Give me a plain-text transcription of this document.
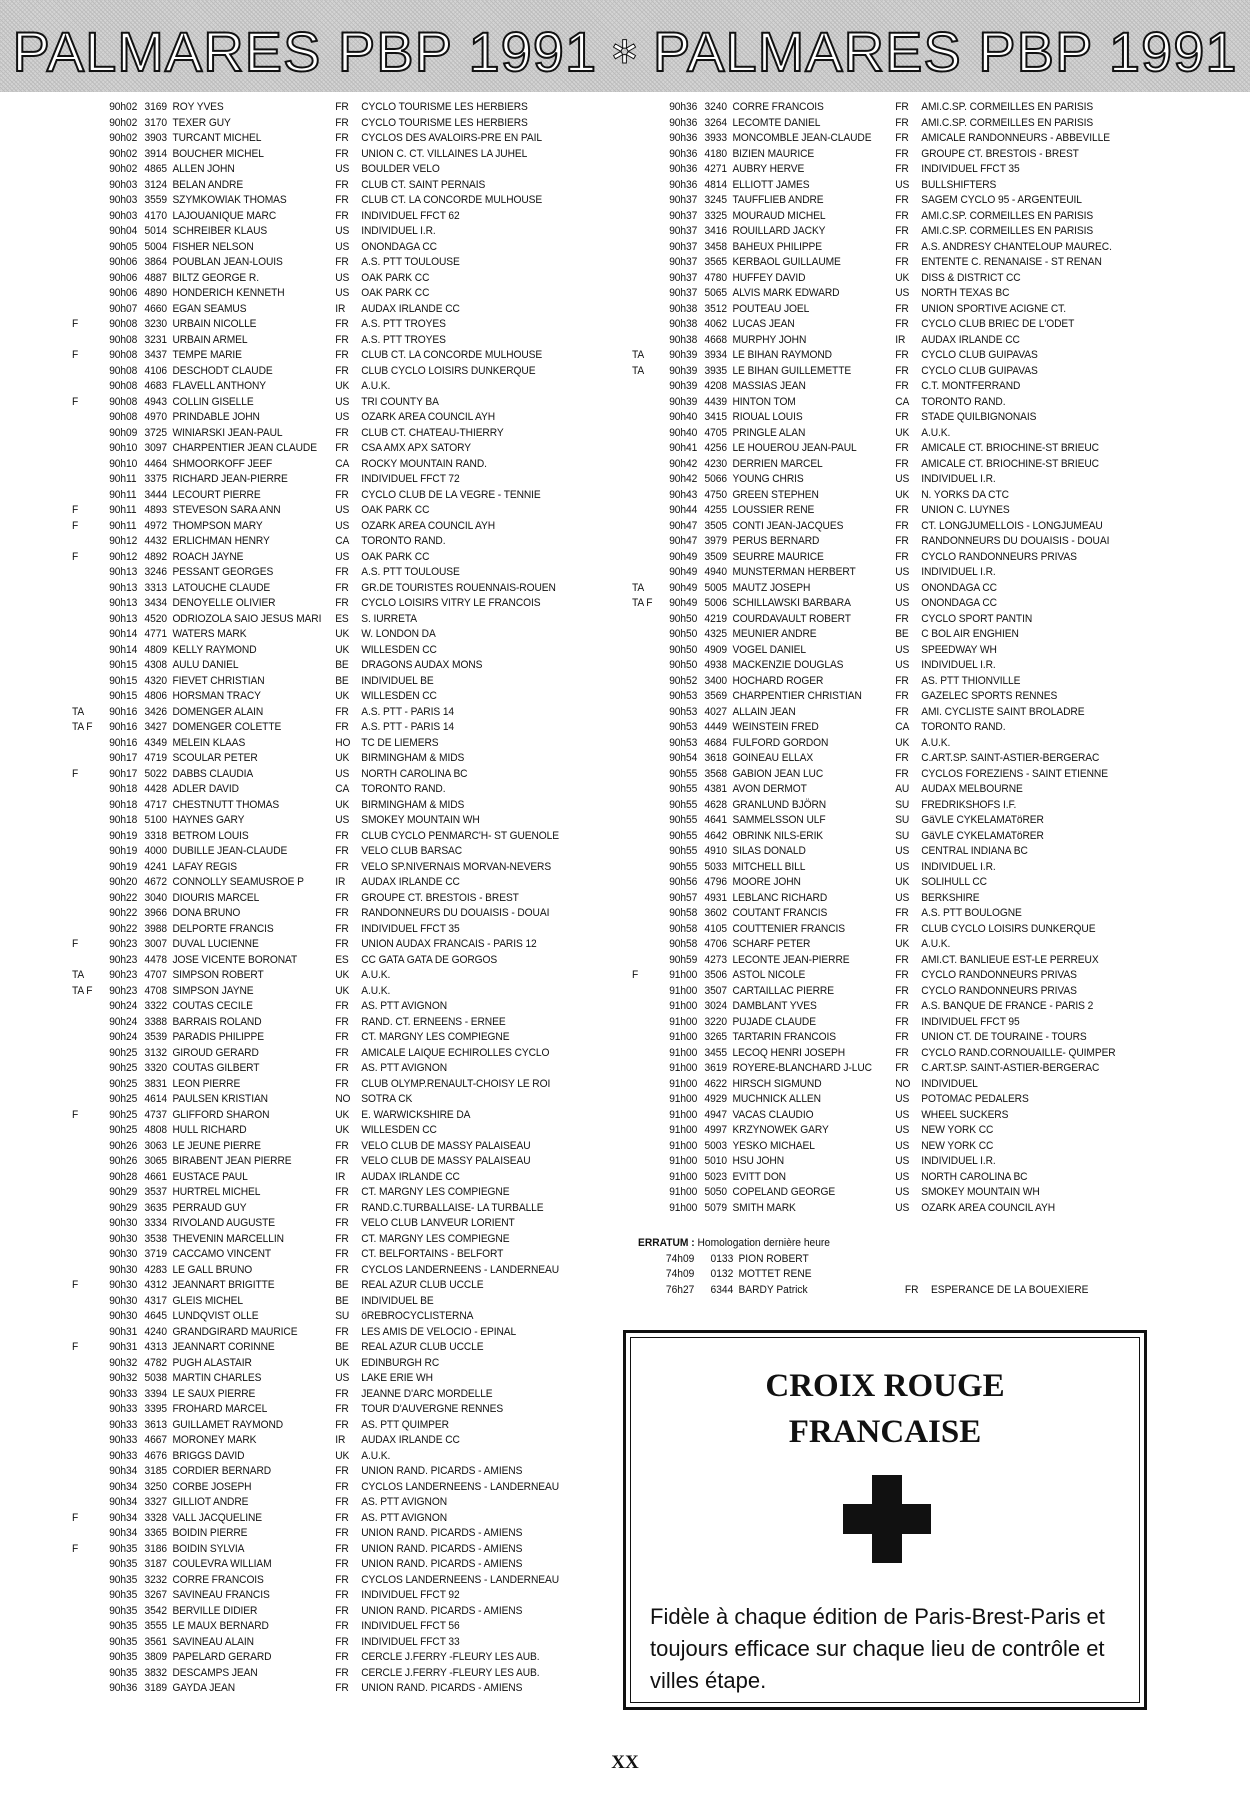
PALMARES PBP 1991 ✲ PALMARES PBP 1991
90h02 3169 ROY YVES	FR	CYCLO TOURISME LES HERBIERS
90h02 3170 TEXER GUY	FR	CYCLO TOURISME LES HERBIERS
90h02 3903 TURCANT MICHEL	FR	CYCLOS DES AVALOIRS-PRE EN PAIL
90h02 3914 BOUCHER MICHEL	FR	UNION C. CT. VILLAINES LA JUHEL
90h02 4865 ALLEN JOHN	US	BOULDER VELO
90h03 3124 BELAN ANDRE	FR	CLUB CT. SAINT PERNAIS
90h03 3559 SZYMKOWIAK THOMAS	FR	CLUB CT. LA CONCORDE MULHOUSE
90h03 4170 LAJOUANIQUE MARC	FR	INDIVIDUEL FFCT 62
90h04 5014 SCHREIBER KLAUS	US	INDIVIDUEL I.R.
90h05 5004 FISHER NELSON	US	ONONDAGA CC
90h06 3864 POUBLAN JEAN-LOUIS	FR	A.S. PTT TOULOUSE
90h06 4887 BILTZ GEORGE R.	US	OAK PARK CC
90h06 4890 HONDERICH KENNETH	US	OAK PARK CC
90h07 4660 EGAN SEAMUS	IR	AUDAX IRLANDE CC
F	90h08 3230 URBAIN NICOLLE	FR	A.S. PTT TROYES
90h08 3231 URBAIN ARMEL	FR	A.S. PTT TROYES
F	90h08 3437 TEMPE MARIE	FR	CLUB CT. LA CONCORDE MULHOUSE
90h08 4106 DESCHODT CLAUDE	FR	CLUB CYCLO LOISIRS DUNKERQUE
90h08 4683 FLAVELL ANTHONY	UK	A.U.K.
F	90h08 4943 COLLIN GISELLE	US	TRI COUNTY BA
90h08 4970 PRINDABLE JOHN	US	OZARK AREA COUNCIL AYH
90h09 3725 WINIARSKI JEAN-PAUL	FR	CLUB CT. CHATEAU-THIERRY
90h10 3097 CHARPENTIER JEAN CLAUDE	FR	CSA AMX APX SATORY
90h10 4464 SHMOORKOFF JEEF	CA	ROCKY MOUNTAIN RAND.
90h11 3375 RICHARD JEAN-PIERRE	FR	INDIVIDUEL FFCT 72
90h11 3444 LECOURT PIERRE	FR	CYCLO CLUB DE LA VEGRE - TENNIE
F	90h11 4893 STEVESON SARA ANN	US	OAK PARK CC
F	90h11 4972 THOMPSON MARY	US	OZARK AREA COUNCIL AYH
90h12 4432 ERLICHMAN HENRY	CA	TORONTO RAND.
F	90h12 4892 ROACH JAYNE	US	OAK PARK CC
90h13 3246 PESSANT GEORGES	FR	A.S. PTT TOULOUSE
90h13 3313 LATOUCHE CLAUDE	FR	GR.DE TOURISTES ROUENNAIS-ROUEN
90h13 3434 DENOYELLE OLIVIER	FR	CYCLO LOISIRS VITRY LE FRANCOIS
90h13 4520 ODRIOZOLA SAIO JESUS MARI	ES	S. IURRETA
90h14 4771 WATERS MARK	UK	W. LONDON DA
90h14 4809 KELLY RAYMOND	UK	WILLESDEN CC
90h15 4308 AULU DANIEL	BE	DRAGONS AUDAX MONS
90h15 4320 FIEVET CHRISTIAN	BE	INDIVIDUEL BE
90h15 4806 HORSMAN TRACY	UK	WILLESDEN CC
TA	90h16 3426 DOMENGER ALAIN	FR	A.S. PTT - PARIS 14
TA F	90h16 3427 DOMENGER COLETTE	FR	A.S. PTT - PARIS 14
90h16 4349 MELEIN KLAAS	HO TC DE LIEMERS
90h17 4719 SCOULAR PETER	UK	BIRMINGHAM & MIDS
F	90h17 5022 DABBS CLAUDIA	US	NORTH CAROLINA BC
90h18 4428 ADLER DAVID	CA	TORONTO RAND.
90h18 4717 CHESTNUTT THOMAS	UK	BIRMINGHAM & MIDS
90h18 5100 HAYNES GARY	US	SMOKEY MOUNTAIN WH
90h19 3318 BETROM LOUIS	FR	CLUB CYCLO PENMARC'H- ST GUENOLE
90h19 4000 DUBILLE JEAN-CLAUDE	FR	VELO CLUB BARSAC
90h19 4241 LAFAY REGIS	FR	VELO SP.NIVERNAIS MORVAN-NEVERS
90h20 4672 CONNOLLY SEAMUSROE P	IR	AUDAX IRLANDE CC
90h22 3040 DIOURIS MARCEL	FR	GROUPE CT. BRESTOIS - BREST
90h22 3966 DONA BRUNO	FR	RANDONNEURS DU DOUAISIS - DOUAI
90h22 3988 DELPORTE FRANCIS	FR	INDIVIDUEL FFCT 35
F	90h23 3007 DUVAL LUCIENNE	FR	UNION AUDAX FRANCAIS - PARIS 12
90h23 4478 JOSE VICENTE BORONAT	ES	CC GATA GATA DE GORGOS
TA	90h23 4707 SIMPSON ROBERT	UK	A.U.K.
TA F	90h23 4708 SIMPSON JAYNE	UK	A.U.K.
90h24 3322 COUTAS CECILE	FR	AS. PTT AVIGNON
90h24 3388 BARRAIS ROLAND	FR	RAND. CT. ERNEENS - ERNEE
90h24 3539 PARADIS PHILIPPE	FR	CT. MARGNY LES COMPIEGNE
90h25 3132 GIROUD GERARD	FR	AMICALE LAIQUE ECHIROLLES CYCLO
90h25 3320 COUTAS GILBERT	FR	AS. PTT AVIGNON
90h25 3831 LEON PIERRE	FR	CLUB OLYMP.RENAULT-CHOISY LE ROI
90h25 4614 PAULSEN KRISTIAN	NO SOTRA CK
F	90h25 4737 GLIFFORD SHARON	UK	E. WARWICKSHIRE DA
90h25 4808 HULL RICHARD	UK	WILLESDEN CC
90h26 3063 LE JEUNE PIERRE	FR	VELO CLUB DE MASSY PALAISEAU
90h26 3065 BIRABENT JEAN PIERRE	FR	VELO CLUB DE MASSY PALAISEAU
90h28 4661 EUSTACE PAUL	IR	AUDAX IRLANDE CC
90h29 3537 HURTREL MICHEL	FR	CT. MARGNY LES COMPIEGNE
90h29 3635 PERRAUD GUY	FR	RAND.C.TURBALLAISE- LA TURBALLE
90h30 3334 RIVOLAND AUGUSTE	FR	VELO CLUB LANVEUR LORIENT
90h30 3538 THEVENIN MARCELLIN	FR	CT. MARGNY LES COMPIEGNE
90h30 3719 CACCAMO VINCENT	FR	CT. BELFORTAINS - BELFORT
90h30 4283 LE GALL BRUNO	FR	CYCLOS LANDERNEENS - LANDERNEAU
F	90h30 4312 JEANNART BRIGITTE	BE	REAL AZUR CLUB UCCLE
90h30 4317 GLEIS MICHEL	BE	INDIVIDUEL BE
90h30 4645 LUNDQVIST OLLE	SU	öREBROCYCLISTERNA
90h31 4240 GRANDGIRARD MAURICE	FR	LES AMIS DE VELOCIO - EPINAL
F	90h31 4313 JEANNART CORINNE	BE	REAL AZUR CLUB UCCLE
90h32 4782 PUGH ALASTAIR	UK	EDINBURGH RC
90h32 5038 MARTIN CHARLES	US	LAKE ERIE WH
90h33 3394 LE SAUX PIERRE	FR	JEANNE D'ARC MORDELLE
90h33 3395 FROHARD MARCEL	FR	TOUR D'AUVERGNE RENNES
90h33 3613 GUILLAMET RAYMOND	FR	AS. PTT QUIMPER
90h33 4667 MORONEY MARK	IR	AUDAX IRLANDE CC
90h33 4676 BRIGGS DAVID	UK	A.U.K.
90h34 3185 CORDIER BERNARD	FR	UNION RAND. PICARDS - AMIENS
90h34 3250 CORBE JOSEPH	FR	CYCLOS LANDERNEENS - LANDERNEAU
90h34 3327 GILLIOT ANDRE	FR	AS. PTT AVIGNON
F	90h34 3328 VALL JACQUELINE	FR	AS. PTT AVIGNON
90h34 3365 BOIDIN PIERRE	FR	UNION RAND. PICARDS - AMIENS
F	90h35 3186 BOIDIN SYLVIA	FR	UNION RAND. PICARDS - AMIENS
90h35 3187 COULEVRA WILLIAM	FR	UNION RAND. PICARDS - AMIENS
90h35 3232 CORRE FRANCOIS	FR	CYCLOS LANDERNEENS - LANDERNEAU
90h35 3267 SAVINEAU FRANCIS	FR	INDIVIDUEL FFCT 92
90h35 3542 BERVILLE DIDIER	FR	UNION RAND. PICARDS - AMIENS
90h35 3555 LE MAUX BERNARD	FR	INDIVIDUEL FFCT 56
90h35 3561 SAVINEAU ALAIN	FR	INDIVIDUEL FFCT 33
90h35 3809 PAPELARD GERARD	FR	CERCLE J.FERRY -FLEURY LES AUB.
90h35 3832 DESCAMPS JEAN	FR	CERCLE J.FERRY -FLEURY LES AUB.
90h36 3189 GAYDA JEAN	FR	UNION RAND. PICARDS - AMIENS
90h36 3240 CORRE FRANCOIS	FR	AMI.C.SP. CORMEILLES EN PARISIS
90h36 3264 LECOMTE DANIEL	FR	AMI.C.SP. CORMEILLES EN PARISIS
90h36 3933 MONCOMBLE JEAN-CLAUDE	FR	AMICALE RANDONNEURS - ABBEVILLE
90h36 4180 BIZIEN MAURICE	FR	GROUPE CT. BRESTOIS - BREST
90h36 4271 AUBRY HERVE	FR	INDIVIDUEL FFCT 35
90h36 4814 ELLIOTT JAMES	US	BULLSHIFTERS
90h37 3245 TAUFFLIEB ANDRE	FR	SAGEM CYCLO 95 - ARGENTEUIL
90h37 3325 MOURAUD MICHEL	FR	AMI.C.SP. CORMEILLES EN PARISIS
90h37 3416 ROUILLARD JACKY	FR	AMI.C.SP. CORMEILLES EN PARISIS
90h37 3458 BAHEUX PHILIPPE	FR	A.S. ANDRESY CHANTELOUP MAUREC.
90h37 3565 KERBAOL GUILLAUME	FR	ENTENTE C. RENANAISE - ST RENAN
90h37 4780 HUFFEY DAVID	UK	DISS & DISTRICT CC
90h37 5065 ALVIS MARK EDWARD	US	NORTH TEXAS BC
90h38 3512 POUTEAU JOEL	FR	UNION SPORTIVE ACIGNE CT.
90h38 4062 LUCAS JEAN	FR	CYCLO CLUB BRIEC DE L'ODET
90h38 4668 MURPHY JOHN	IR	AUDAX IRLANDE CC
TA	90h39 3934 LE BIHAN RAYMOND	FR	CYCLO CLUB GUIPAVAS
TA	90h39 3935 LE BIHAN GUILLEMETTE	FR	CYCLO CLUB GUIPAVAS
90h39 4208 MASSIAS JEAN	FR	C.T. MONTFERRAND
90h39 4439 HINTON TOM	CA	TORONTO RAND.
90h40 3415 RIOUAL LOUIS	FR	STADE QUILBIGNONAIS
90h40 4705 PRINGLE ALAN	UK	A.U.K.
90h41 4256 LE HOUEROU JEAN-PAUL	FR	AMICALE CT. BRIOCHINE-ST BRIEUC
90h42 4230 DERRIEN MARCEL	FR	AMICALE CT. BRIOCHINE-ST BRIEUC
90h42 5066 YOUNG CHRIS	US	INDIVIDUEL I.R.
90h43 4750 GREEN STEPHEN	UK	N. YORKS DA CTC
90h44 4255 LOUSSIER RENE	FR	UNION C. LUYNES
90h47 3505 CONTI JEAN-JACQUES	FR	CT. LONGJUMELLOIS - LONGJUMEAU
90h47 3979 PERUS BERNARD	FR	RANDONNEURS DU DOUAISIS - DOUAI
90h49 3509 SEURRE MAURICE	FR	CYCLO RANDONNEURS PRIVAS
90h49 4940 MUNSTERMAN HERBERT	US	INDIVIDUEL I.R.
TA	90h49 5005 MAUTZ JOSEPH	US	ONONDAGA CC
TA F	90h49 5006 SCHILLAWSKI BARBARA	US	ONONDAGA CC
90h50 4219 COURDAVAULT ROBERT	FR	CYCLO SPORT PANTIN
90h50 4325 MEUNIER ANDRE	BE	C BOL AIR ENGHIEN
90h50 4909 VOGEL DANIEL	US	SPEEDWAY WH
90h50 4938 MACKENZIE DOUGLAS	US	INDIVIDUEL I.R.
90h52 3400 HOCHARD ROGER	FR	AS. PTT THIONVILLE
90h53 3569 CHARPENTIER CHRISTIAN	FR	GAZELEC SPORTS RENNES
90h53 4027 ALLAIN JEAN	FR	AMI. CYCLISTE SAINT BROLADRE
90h53 4449 WEINSTEIN FRED	CA	TORONTO RAND.
90h53 4684 FULFORD GORDON	UK	A.U.K.
90h54 3618 GOINEAU ELLAX	FR	C.ART.SP. SAINT-ASTIER-BERGERAC
90h55 3568 GABION JEAN LUC	FR	CYCLOS FOREZIENS - SAINT ETIENNE
90h55 4381 AVON DERMOT	AU	AUDAX MELBOURNE
90h55 4628 GRANLUND BJÖRN	SU	FREDRIKSHOFS I.F.
90h55 4641 SAMMELSSON ULF	SU	GäVLE CYKELAMATöRER
90h55 4642 OBRINK NILS-ERIK	SU	GäVLE CYKELAMATöRER
90h55 4910 SILAS DONALD	US	CENTRAL INDIANA BC
90h55 5033 MITCHELL BILL	US	INDIVIDUEL I.R.
90h56 4796 MOORE JOHN	UK	SOLIHULL CC
90h57 4931 LEBLANC RICHARD	US	BERKSHIRE
90h58 3602 COUTANT FRANCIS	FR	A.S. PTT BOULOGNE
90h58 4105 COUTTENIER FRANCIS	FR	CLUB CYCLO LOISIRS DUNKERQUE
90h58 4706 SCHARF PETER	UK	A.U.K.
90h59 4273 LECONTE JEAN-PIERRE	FR	AMI.CT. BANLIEUE EST-LE PERREUX
F	91h00 3506 ASTOL NICOLE	FR	CYCLO RANDONNEURS PRIVAS
91h00 3507 CARTAILLAC PIERRE	FR	CYCLO RANDONNEURS PRIVAS
91h00 3024 DAMBLANT YVES	FR	A.S. BANQUE DE FRANCE - PARIS 2
91h00 3220 PUJADE CLAUDE	FR	INDIVIDUEL FFCT 95
91h00 3265 TARTARIN FRANCOIS	FR	UNION CT. DE TOURAINE - TOURS
91h00 3455 LECOQ HENRI JOSEPH	FR	CYCLO RAND.CORNOUAILLE- QUIMPER
91h00 3619 ROYERE-BLANCHARD J-LUC	FR	C.ART.SP. SAINT-ASTIER-BERGERAC
91h00 4622 HIRSCH SIGMUND	NO INDIVIDUEL
91h00 4929 MUCHNICK ALLEN	US	POTOMAC PEDALERS
91h00 4947 VACAS CLAUDIO	US	WHEEL SUCKERS
91h00 4997 KRZYNOWEK GARY	US	NEW YORK CC
91h00 5003 YESKO MICHAEL	US	NEW YORK CC
91h00 5010 HSU JOHN	US	INDIVIDUEL I.R.
91h00 5023 EVITT DON	US	NORTH CAROLINA BC
91h00 5050 COPELAND GEORGE	US	SMOKEY MOUNTAIN WH
91h00 5079 SMITH MARK	US	OZARK AREA COUNCIL AYH
ERRATUM : Homologation dernière heure
74h09 0133 PION ROBERT
74h09 0132 MOTTET RENE
76h27 6344 BARDY Patrick	FR ESPERANCE DE LA BOUEXIERE
CROIX ROUGE
FRANCAISE
Fidèle à chaque édition de Paris-Brest-Paris et toujours efficace sur chaque lieu de contrôle et villes étape.
XX
